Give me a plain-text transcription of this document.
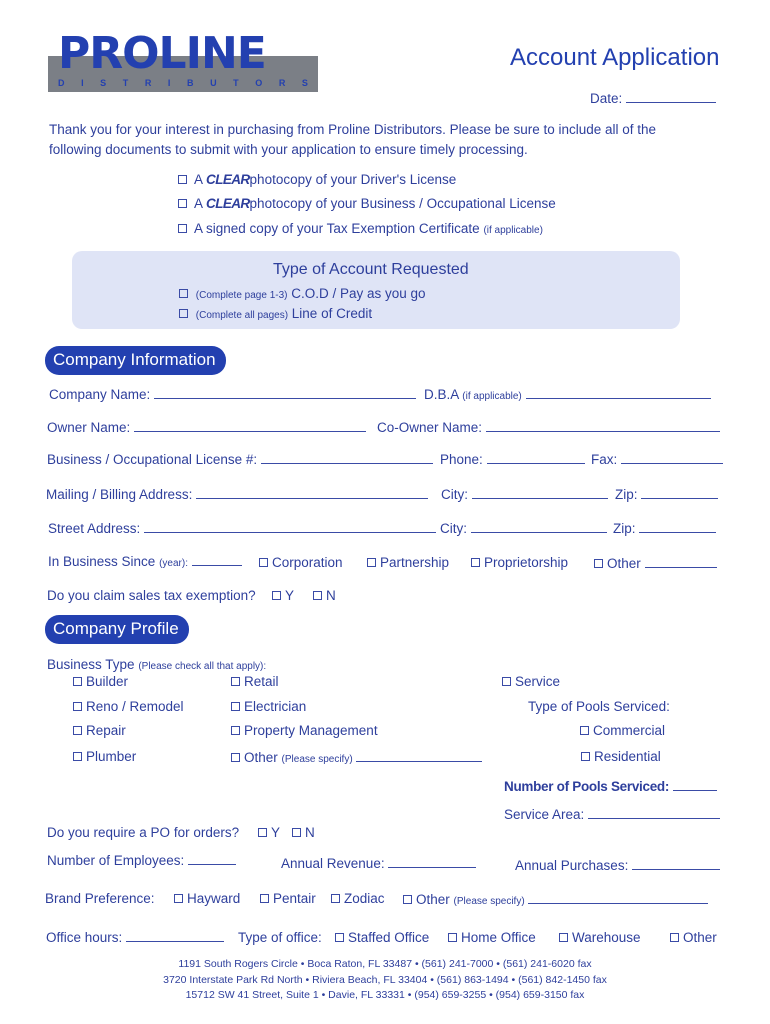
PROLINE
D I S T R I B U T O R S
Account Application
Date:
Thank you for your interest in purchasing from Proline Distributors. Please be sure to include all of the
following documents to submit with your application to ensure timely processing.
A CLEARphotocopy of your Driver's License
A CLEARphotocopy of your Business / Occupational License
A signed copy of your Tax Exemption Certificate (if applicable)
Type of Account Requested
(Complete page 1-3) C.O.D / Pay as you go
(Complete all pages) Line of Credit
Company Information
Company Name:	D.B.A (if applicable)
Owner Name:	Co-Owner Name:
Business / Occupational License #:	Phone:	Fax:
Mailing / Billing Address:	City:	Zip:
Street Address:	City:	Zip:
In Business Since (year):	Corporation	Partnership	Proprietorship	Other
Do you claim sales tax exemption?	Y	N
Company Profile
Business Type (Please check all that apply):
Builder	Retail	Service
Reno / Remodel	Electrician	Type of Pools Serviced:
Repair	Property Management	Commercial
Plumber	Other (Please specify)	Residential
Number of Pools Serviced:
Service Area:
Do you require a PO for orders?	Y	N
Number of Employees:	Annual Revenue:	Annual Purchases:
Brand Preference:	Hayward	Pentair	Zodiac	Other (Please specify)
Office hours:	Type of office:	Staffed Office	Home Office	Warehouse	Other
1191 South Rogers Circle • Boca Raton, FL 33487 • (561) 241-7000 • (561) 241-6020 fax
3720 Interstate Park Rd North • Riviera Beach, FL 33404 • (561) 863-1494 • (561) 842-1450 fax
15712 SW 41 Street, Suite 1 • Davie, FL 33331 • (954) 659-3255 • (954) 659-3150 fax
